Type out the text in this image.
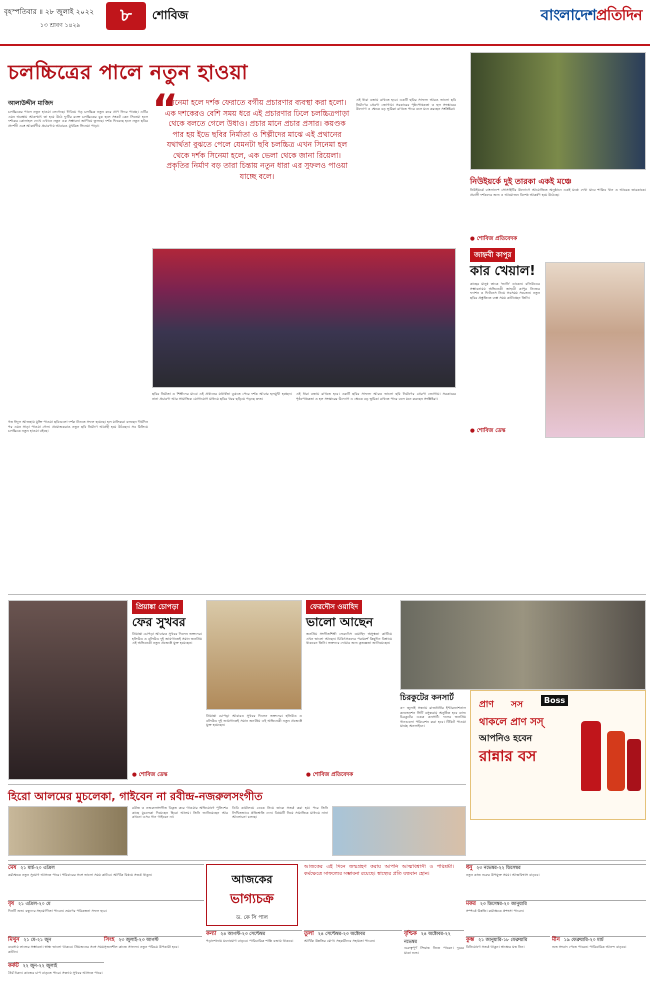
বৃহস্পতিবার ॥ ২৮ জুলাই ২০২২
১৩ শ্রাবণ ১৪২৯	৮	শোবিজ	বাংলাদেশপ্রতিদিন
চলচ্চিত্রের পালে নতুন হাওয়া
আলাউদ্দীন মাজিদ “
সিনেমা হলে দর্শক ফেরাতে বর্গীয় প্রচারণার ব্যবস্থা করা হলো। এক দশকেরও বেশি সময় ধরে এই প্রচারণার ঢিলে চলচ্চিত্রপাড়া থেকে বলতে গেলে উধাও। প্রচার মানে প্রচার প্রসার। কয়ণ্ডক পার হয় ইভে ছবির নির্মাতা ও শিল্পীদের মাঝে এই প্রথানের যথার্থতা বুঝতে পেলে যেমনটা ছবি চলচ্চিত্র এখন সিনেমা হল থেকে দর্শক সিনেমা হলে, এক ভেলা থেকে জানা রিয়েলা। প্রকৃতির নির্মাণ বড় তারা চিন্তায় নতুন ধারা এর সুফলও পাওয়া যাচ্ছে বলে।
চলচ্চিত্রের পালে নতুন হাওয়া লেগেছে। দিবিয়ে গড় চলচ্চিত্র নতুন করে প্রাণ ফিরে পাচ্ছে। এটির এমন অবস্থায় আকস্মাৎ তা হয়ে উঠে ফুটির রক্তে চলচ্চিত্রের বুক হলে সংকট কেন সিনেমা হলে দর্শকের কোলাহল দেখে এখানে নতুন এক সম্ভাবনা জাগিয়ে তুলছে। দর্শক ফিরেছে হলে নতুন ছবির প্রদর্শনী এবং আকর্ষণীয় প্রচারণায় আবারও মুখরিত সিনেমা পাড়া।
গত ঈদুল আজহায় মুক্তি পাওয়া ছবিগুলো দর্শক টানতে সফল হয়েছে। হল মালিকরা বলছেন দীর্ঘদিন পর এমন সাড়া পাওয়া গেল। প্রযোজকরাও নতুন ছবি নির্মাণে আগ্রহী হয়ে উঠছেন। সব মিলিয়ে চলচ্চিত্রে নতুন হাওয়া বইছে।
ছবির নির্মাতা ও শিল্পীদের মাঝে এই প্রথানের যথার্থতা বুঝতে পেরে দর্শক আবার হলমুখী হচ্ছেন। নানা প্রচারণা আর সামাজিক যোগাযোগ মাধ্যমে ছবির খবর ছড়িয়ে পড়ছে দ্রুত।
এই ধারা বজায় রাখতে হবে। একটি ছবির সাফল্য আরও ভালো ছবি নির্মাণের প্রেরণা জোগায়। সরকারের পৃষ্ঠপোষকতা ও হল সংস্কারের উদ্যোগ এ ক্ষেত্রে বড় ভূমিকা রাখতে পারে বলে মনে করছেন সংশ্লিষ্টরা।
এই ধারা বজায় রাখতে হবে। একটি ছবির সাফল্য আরও ভালো ছবি নির্মাণের প্রেরণা জোগায়। সরকারের পৃষ্ঠপোষকতা ও হল সংস্কারের উদ্যোগ এ ক্ষেত্রে বড় ভূমিকা রাখতে পারে বলে মনে করছেন সংশ্লিষ্টরা।
নিউইয়র্কে দুই তারকা একই মঞ্চে
নিউইয়র্কে বাংলাদেশ সোসাইটির উদ্যোগে আয়োজিত অনুষ্ঠানে একই মঞ্চে দেখা যাবে শাকিব খান ও আরেক তারকাকে। প্রবাসী দর্শকদের জন্য এ আয়োজন বিশেষ আকর্ষণ হয়ে উঠেছে।
● শোবিজ প্রতিবেদক
জাহ্নবী কাপুর
কার খেয়াল!
কাছের মানুষ তাকে 'জানি' ডাকেন। বলিউডের সম্ভাবনাময় অভিনেত্রী জাহ্নবী কাপুর নিজের ফ্যাশন ও ফিটনেস নিয়ে সবসময় সচেতন। নতুন ছবির প্রস্তুতিতে ব্যস্ত সময় কাটাচ্ছেন তিনি।
● শোবিজ ডেস্ক
প্রিয়াঙ্কা চোপড়া
ফের সুখবর
প্রিয়াঙ্কা চোপড়া আবারও সুখবর দিলেন ভক্তদের। হলিউড ও বলিউড দুই জায়গাতেই সমান জনপ্রিয় এই অভিনেত্রী নতুন প্রজেক্টে যুক্ত হয়েছেন।
● শোবিজ ডেস্ক
ফেরদৌস ওয়াহিদ
ভালো আছেন
জনপ্রিয় সংগীতশিল্পী ফেরদৌস ওয়াহিদ অসুস্থতা কাটিয়ে এখন ভালো আছেন। চিকিৎসকদের পরামর্শে কিছুদিন বিশ্রামে থাকবেন তিনি। ভক্তদের দোয়ার জন্য কৃতজ্ঞতা জানিয়েছেন।
● শোবিজ প্রতিবেদক
প্রিয়াঙ্কা চোপড়া আবারও সুখবর দিলেন ভক্তদের। হলিউড ও বলিউড দুই জায়গাতেই সমান জনপ্রিয় এই অভিনেত্রী নতুন প্রজেক্টে যুক্ত হয়েছেন।
চিরকুটের কনসার্ট
৩০ জুলাই সন্ধ্যায় রাজধানীর ইন্টারন্যাশনাল কনভেনশন সিটি বসুন্ধরায় অনুষ্ঠিত হবে ব্যান্ড চিরকুটের একক কনসার্ট। দলের জনপ্রিয় গানগুলো পরিবেশন করা হবে। টিকিট পাওয়া যাচ্ছে অনলাইনে।
হিরো আলমের মুচলেকা, গাইবেন না রবীন্দ্র-নজরুলসংগীত
রবীন্দ্র ও নজরুলসংগীত বিকৃত করে গাওয়ার অভিযোগে পুলিশের কাছে মুচলেকা দিয়েছেন হিরো আলম। তিনি জানিয়েছেন আর কখনো এসব গান গাইবেন না।
ডিবি কার্যালয়ে ডেকে নিয়ে তাকে সতর্ক করা হয়। পরে তিনি লিখিতভাবে প্রতিশ্রুতি দেন। বিষয়টি নিয়ে সামাজিক মাধ্যমে নানা আলোচনা চলছে।
প্রাণ সস	Boss
থাকলে প্রাণ সস্
আপনিও হবেন
রান্নার বস
আজকের
ভাগ্যচক্র
ড. কে সি পাল
আজকের এই দিনে জন্মগ্রহণ করায় আপনি আত্মবিশ্বাসী ও পরিশ্রমী। কর্মক্ষেত্রে সাফল্যের সম্ভাবনা রয়েছে। স্বাস্থ্যের প্রতি যত্নবান হোন।
মেষ ২১ মার্চ-২০ এপ্রিল
কর্মক্ষেত্রে নতুন সুযোগ আসতে পারে। পরিবারের সঙ্গে ভালো সময় কাটবে। আর্থিক বিষয়ে সতর্ক থাকুন।
বৃষ ২১ এপ্রিল-২০ মে
দিনটি শুভ। বন্ধুদের সহযোগিতা পাবেন। ভ্রমণের পরিকল্পনা সফল হবে।
মিথুন ২১ মে-২১ জুন
ব্যবসায় লাভের সম্ভাবনা। স্বাস্থ্য ভালো থাকবে। প্রিয়জনের সঙ্গে সময় কাটান।
কর্কট ২২ জুন-২২ জুলাই
ধৈর্য ধরুন। কাজের চাপ বাড়তে পারে। সন্ধ্যায় সুখবর আসতে পারে।
সিংহ ২৩ জুলাই-২৩ আগস্ট
সৃজনশীল কাজে সাফল্য। নতুন পরিচয় উপকারী হবে।
কন্যা ২৪ আগস্ট-২৩ সেপ্টেম্বর
পড়াশোনায় মনোযোগ বাড়বে। পারিবারিক শান্তি বজায় থাকবে।
তুলা ২৪ সেপ্টেম্বর-২৩ অক্টোবর
আর্থিক উন্নতির যোগ। সহকর্মীদের সহায়তা পাবেন।
বৃশ্চিক ২৪ অক্টোবর-২২ নভেম্বর
গুরুত্বপূর্ণ সিদ্ধান্ত নিতে পারেন। দূরের যাত্রা শুভ।
ধনু ২৩ নভেম্বর-২২ ডিসেম্বর
নতুন কাজ শুরুর উপযুক্ত সময়। আত্মবিশ্বাস বাড়বে।
মকর ২৩ ডিসেম্বর-২০ জানুয়ারি
সম্পর্কে উন্নতি। কর্মক্ষেত্রে প্রশংসা পাবেন।
কুম্ভ ২১ জানুয়ারি-১৮ ফেব্রুয়ারি
বিনিয়োগে সতর্ক থাকুন। স্বাস্থ্যের যত্ন নিন।
মীন ১৯ ফেব্রুয়ারি-২০ মার্চ
শুভ সংবাদ পেতে পারেন। পারিবারিক আনন্দ বাড়বে।
